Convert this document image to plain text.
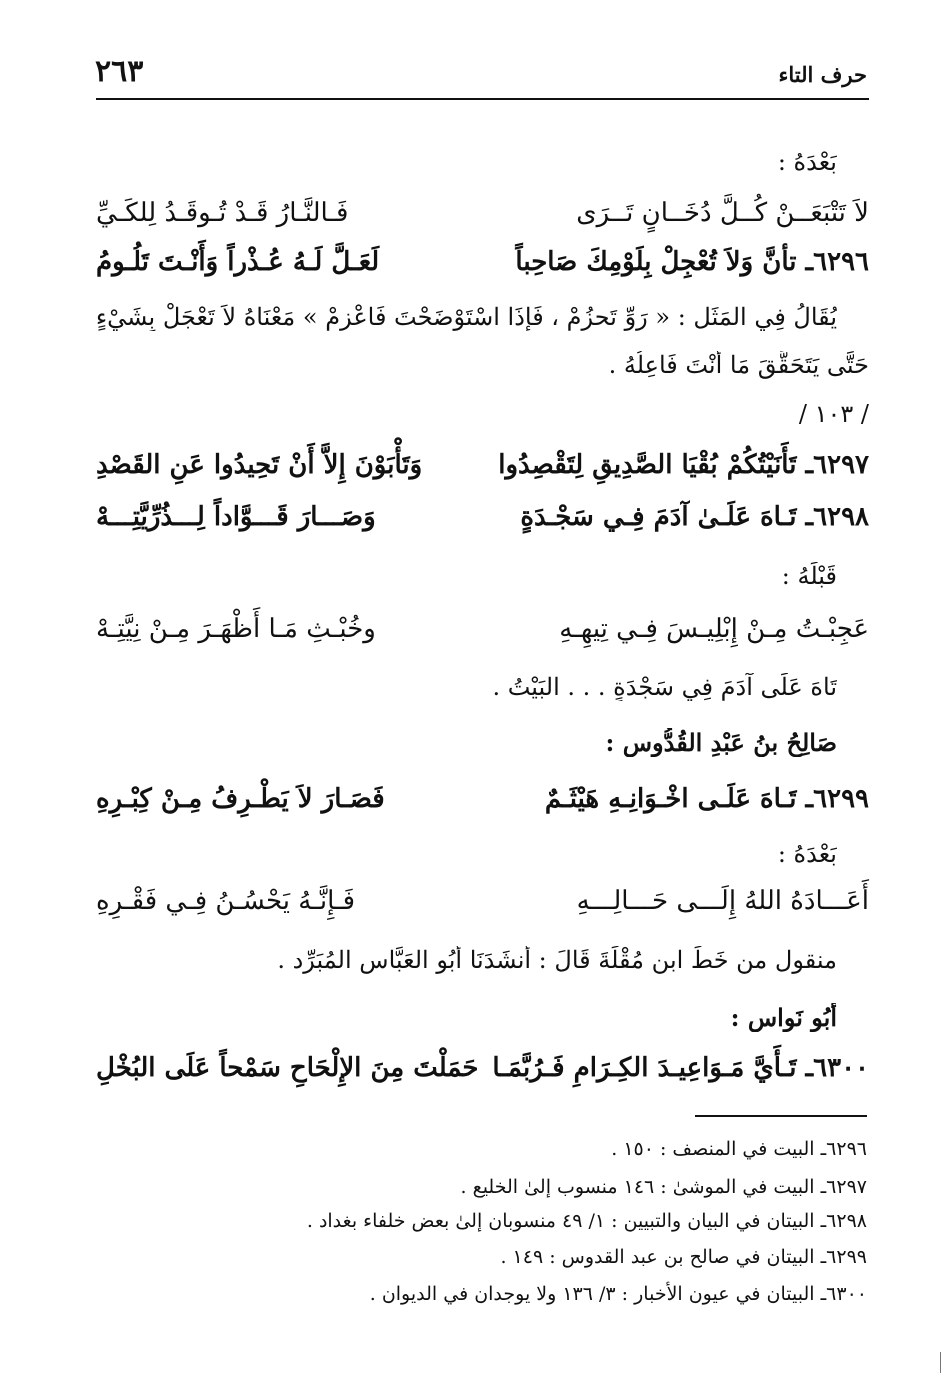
حرف التاء
٢٦٣
بَعْدَهُ :
لاَ تَتْبَعَــنْ كُــلَّ دُخَــانٍ تَــرَى
فَـالنَّـارُ قَـدْ تُـوقَـدُ لِلكَـيِّ
٦٢٩٦ـ تأنَّ وَلاَ تُعْجِلْ بِلَوْمِكَ صَاحِباً
لَعَـلَّ لَـهُ عُـذْراً وَأَنْـتَ تَلُـومُ
يُقَالُ فِي المَثَلِ : « رَوِّ تَحزُمْ ، فَإِذَا اسْتَوْضَحْتَ فَاعْزِمْ » مَعْنَاهُ لاَ تَعْجَلْ بِشَيْءٍ
حَتَّى يَتَحَقَّقَ مَا أَنْتَ فَاعِلُهُ .
/ ١٠٣ /
٦٢٩٧ـ تَأَنَيْتُكُمْ بُقْيَا الصَّدِيقِ لِتَقْصِدُوا
وَتَأْبَوْنَ إِلاَّ أَنْ تَحِيدُوا عَنِ القَصْدِ
٦٢٩٨ـ تَـاهَ عَلَـىٰ آدَمَ فِـي سَجْـدَةٍ
وَصَـــارَ قَـــوَّاداً لِـــذُرِّيَّتِـــهْ
قَبْلَهُ :
عَجِبْـتُ مِـنْ إِبْلِيـسَ فِـي تِيهِـهِ
وخُبْـثِ مَـا أَظْهَـرَ مِـنْ نِيَّتِـهْ
تَاهَ عَلَى آدَمَ فِي سَجْدَةٍ . . . البَيْتُ .
صَالِحُ بنُ عَبْدِ القُدُّوسِ :
٦٢٩٩ـ تَـاهَ عَلَـى اخْـوَانِـهِ هَيْثَـمٌ
فَصَـارَ لاَ يَطْـرِفُ مِـنْ كِبْـرِهِ
بَعْدَهُ :
أَعَـــادَهُ اللهُ إِلَـــى حَـــالِـــهِ
فَـإِنَّـهُ يَحْسُـنُ فِـي فَقْـرِهِ
منقول من خَطِّ ابن مُقْلَةَ قَالَ : أَنشَدَنَا أَبُو العَبَّاسِ المُبَرِّد .
أَبُو نَواسٍ :
٦٣٠٠ـ تَـأَيَّ مَـوَاعِيـدَ الكِـرَامِ فَـرُبَّمَـا
حَمَلْتَ مِنَ الإِلْحَاحِ سَمْحاً عَلَى البُخْلِ
٦٢٩٦ـ البيت في المنصف : ١٥٠ .
٦٢٩٧ـ البيت في الموشىٰ : ١٤٦ منسوب إلىٰ الخليع .
٦٢٩٨ـ البيتان في البيان والتبيين : ١/ ٤٩ منسوبان إلىٰ بعض خلفاء بغداد .
٦٢٩٩ـ البيتان في صالح بن عبد القدوس : ١٤٩ .
٦٣٠٠ـ البيتان في عيون الأخبار : ٣/ ١٣٦ ولا يوجدان في الديوان .
